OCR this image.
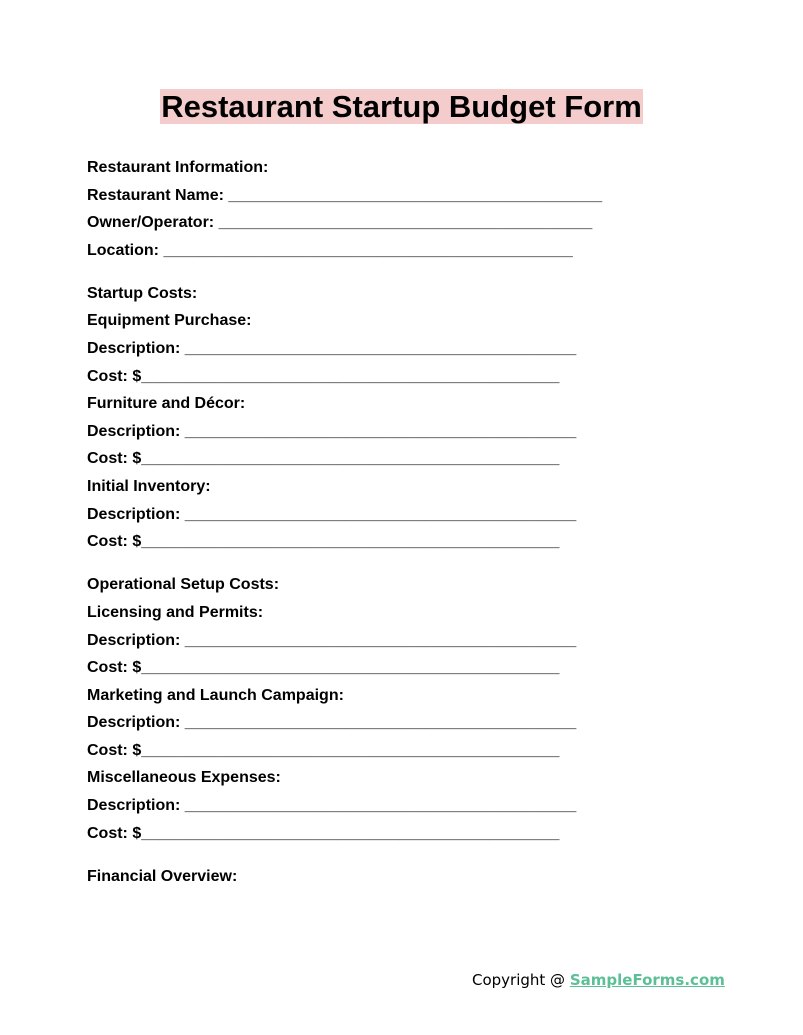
Restaurant Startup Budget Form
Restaurant Information:
Restaurant Name: __________________________________________
Owner/Operator: __________________________________________
Location: ______________________________________________
Startup Costs:
Equipment Purchase:
Description: ____________________________________________
Cost: $_______________________________________________
Furniture and Décor:
Description: ____________________________________________
Cost: $_______________________________________________
Initial Inventory:
Description: ____________________________________________
Cost: $_______________________________________________
Operational Setup Costs:
Licensing and Permits:
Description: ____________________________________________
Cost: $_______________________________________________
Marketing and Launch Campaign:
Description: ____________________________________________
Cost: $_______________________________________________
Miscellaneous Expenses:
Description: ____________________________________________
Cost: $_______________________________________________
Financial Overview:
Copyright @ SampleForms.com
